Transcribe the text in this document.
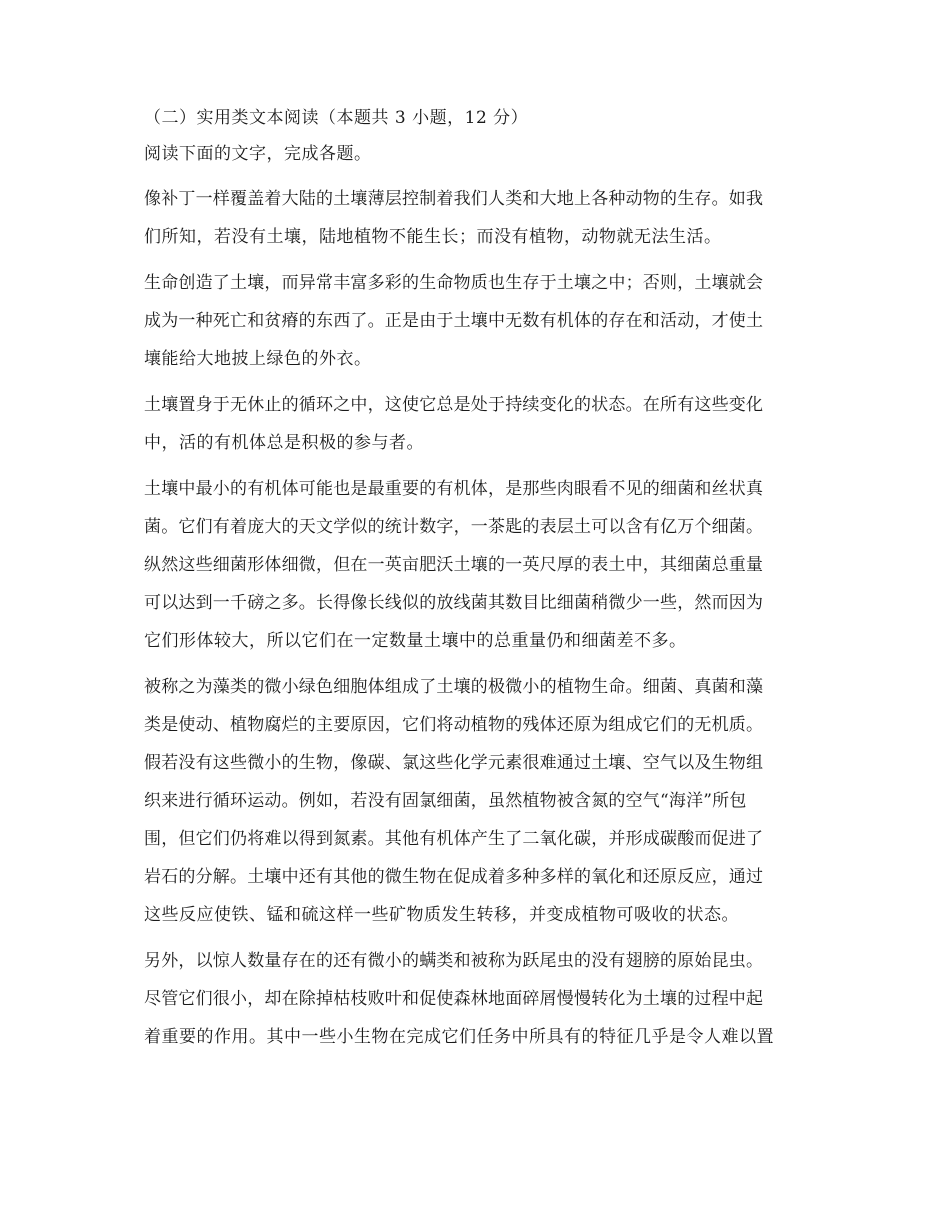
（二）实用类文本阅读（本题共 3 小题，12 分）
阅读下面的文字，完成各题。
像补丁一样覆盖着大陆的土壤薄层控制着我们人类和大地上各种动物的生存。如我
们所知，若没有土壤，陆地植物不能生长；而没有植物，动物就无法生活。
生命创造了土壤，而异常丰富多彩的生命物质也生存于土壤之中；否则，土壤就会
成为一种死亡和贫瘠的东西了。正是由于土壤中无数有机体的存在和活动，才使土
壤能给大地披上绿色的外衣。
土壤置身于无休止的循环之中，这使它总是处于持续变化的状态。在所有这些变化
中，活的有机体总是积极的参与者。
土壤中最小的有机体可能也是最重要的有机体，是那些肉眼看不见的细菌和丝状真
菌。它们有着庞大的天文学似的统计数字，一茶匙的表层土可以含有亿万个细菌。
纵然这些细菌形体细微，但在一英亩肥沃土壤的一英尺厚的表土中，其细菌总重量
可以达到一千磅之多。长得像长线似的放线菌其数目比细菌稍微少一些，然而因为
它们形体较大，所以它们在一定数量土壤中的总重量仍和细菌差不多。
被称之为藻类的微小绿色细胞体组成了土壤的极微小的植物生命。细菌、真菌和藻
类是使动、植物腐烂的主要原因，它们将动植物的残体还原为组成它们的无机质。
假若没有这些微小的生物，像碳、氯这些化学元素很难通过土壤、空气以及生物组
织来进行循环运动。例如，若没有固氯细菌，虽然植物被含氮的空气“海洋”所包
围，但它们仍将难以得到氮素。其他有机体产生了二氧化碳，并形成碳酸而促进了
岩石的分解。土壤中还有其他的微生物在促成着多种多样的氧化和还原反应，通过
这些反应使铁、锰和硫这样一些矿物质发生转移，并变成植物可吸收的状态。
另外，以惊人数量存在的还有微小的螨类和被称为跃尾虫的没有翅膀的原始昆虫。
尽管它们很小，却在除掉枯枝败叶和促使森林地面碎屑慢慢转化为土壤的过程中起
着重要的作用。其中一些小生物在完成它们任务中所具有的特征几乎是令人难以置
